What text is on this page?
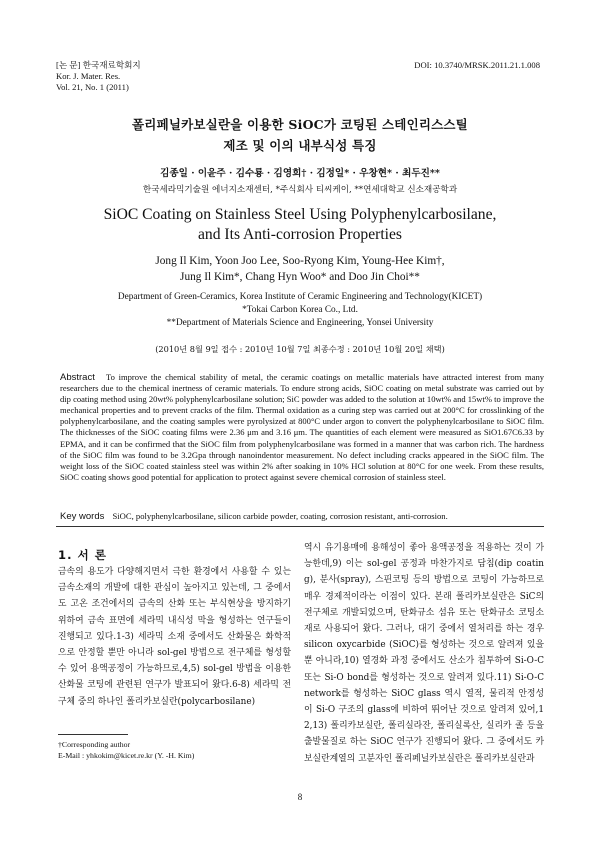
[논 문] 한국재료학회지
Kor. J. Mater. Res.
Vol. 21, No. 1 (2011)
DOI: 10.3740/MRSK.2011.21.1.008
폴리페닐카보실란을 이용한 SiOC가 코팅된 스테인리스스틸
제조 및 이의 내부식성 특징
김종일 · 이윤주 · 김수룡 · 김영희† · 김정일* · 우창현* · 최두진**
한국세라믹기술원 에너지소재센터, *주식회사 티씨케이, **연세대학교 신소재공학과
SiOC Coating on Stainless Steel Using Polyphenylcarbosilane,
and Its Anti-corrosion Properties
Jong Il Kim, Yoon Joo Lee, Soo-Ryong Kim, Young-Hee Kim†,
Jung Il Kim*, Chang Hyn Woo* and Doo Jin Choi**
Department of Green-Ceramics, Korea Institute of Ceramic Engineering and Technology(KICET)
*Tokai Carbon Korea Co., Ltd.
**Department of Materials Science and Engineering, Yonsei University
(2010년 8월 9일 접수 : 2010년 10월 7일 최종수정 : 2010년 10월 20일 채택)
Abstract To improve the chemical stability of metal, the ceramic coatings on metallic materials have attracted interest from many researchers due to the chemical inertness of ceramic materials. To endure strong acids, SiOC coating on metal substrate was carried out by dip coating method using 20wt% polyphenylcarbosilane solution; SiC powder was added to the solution at 10wt% and 15wt% to improve the mechanical properties and to prevent cracks of the film. Thermal oxidation as a curing step was carried out at 200°C for crosslinking of the polyphenylcarbosilane, and the coating samples were pyrolysized at 800°C under argon to convert the polyphenylcarbosilane to SiOC film. The thicknesses of the SiOC coating films were 2.36 μm and 3.16 μm. The quantities of each element were measured as SiO1.67C6.33 by EPMA, and it can be confirmed that the SiOC film from polyphenylcarbosilane was formed in a manner that was carbon rich. The hardness of the SiOC film was found to be 3.2Gpa through nanoindentor measurement. No defect including cracks appeared in the SiOC film. The weight loss of the SiOC coated stainless steel was within 2% after soaking in 10% HCl solution at 80°C for one week. From these results, SiOC coating shows good potential for application to protect against severe chemical corrosion of stainless steel.
Key words SiOC, polyphenylcarbosilane, silicon carbide powder, coating, corrosion resistant, anti-corrosion.
1. 서 론
금속의 용도가 다양해지면서 극한 환경에서 사용할 수 있는 금속소재의 개발에 대한 관심이 높아지고 있는데, 그 중에서도 고온 조건에서의 금속의 산화 또는 부식현상을 방지하기 위하여 금속 표면에 세라믹 내식성 막을 형성하는 연구들이 진행되고 있다.1-3) 세라믹 소재 중에서도 산화물은 화학적으로 안정할 뿐만 아니라 sol-gel 방법으로 전구체를 형성할 수 있어 용액공정이 가능하므로,4,5) sol-gel 방법을 이용한 산화물 코팅에 관련된 연구가 발표되어 왔다.6-8) 세라믹 전구체 중의 하나인 폴리카보실란(polycarbosilane)
역시 유기용매에 용해성이 좋아 용액공정을 적용하는 것이 가능한데,9) 이는 sol-gel 공정과 마찬가지로 담침(dip coating), 분사(spray), 스핀코팅 등의 방법으로 코팅이 가능하므로 매우 경제적이라는 이점이 있다. 본래 폴리카보실란은 SiC의 전구체로 개발되었으며, 탄화규소 섬유 또는 탄화규소 코팅소재로 사용되어 왔다. 그러나, 대기 중에서 열처리를 하는 경우 silicon oxycarbide (SiOC)를 형성하는 것으로 알려져 있을 뿐 아니라,10) 열경화 과정 중에서도 산소가 침투하여 Si-O-C 또는 Si-O bond를 형성하는 것으로 알려져 있다.11) Si-O-C network를 형성하는 SiOC glass 역시 열적, 물리적 안정성이 Si-O 구조의 glass에 비하여 뛰어난 것으로 알려져 있어,12,13) 폴리카보실란, 폴리실라잔, 폴리실록산, 실리카 졸 등을 출발물질로 하는 SiOC 연구가 진행되어 왔다. 그 중에서도 카보실란계열의 고분자인 폴리페닐카보실란은 폴리카보실란과
†Corresponding author
E-Mail : yhkokim@kicet.re.kr (Y. -H. Kim)
8
